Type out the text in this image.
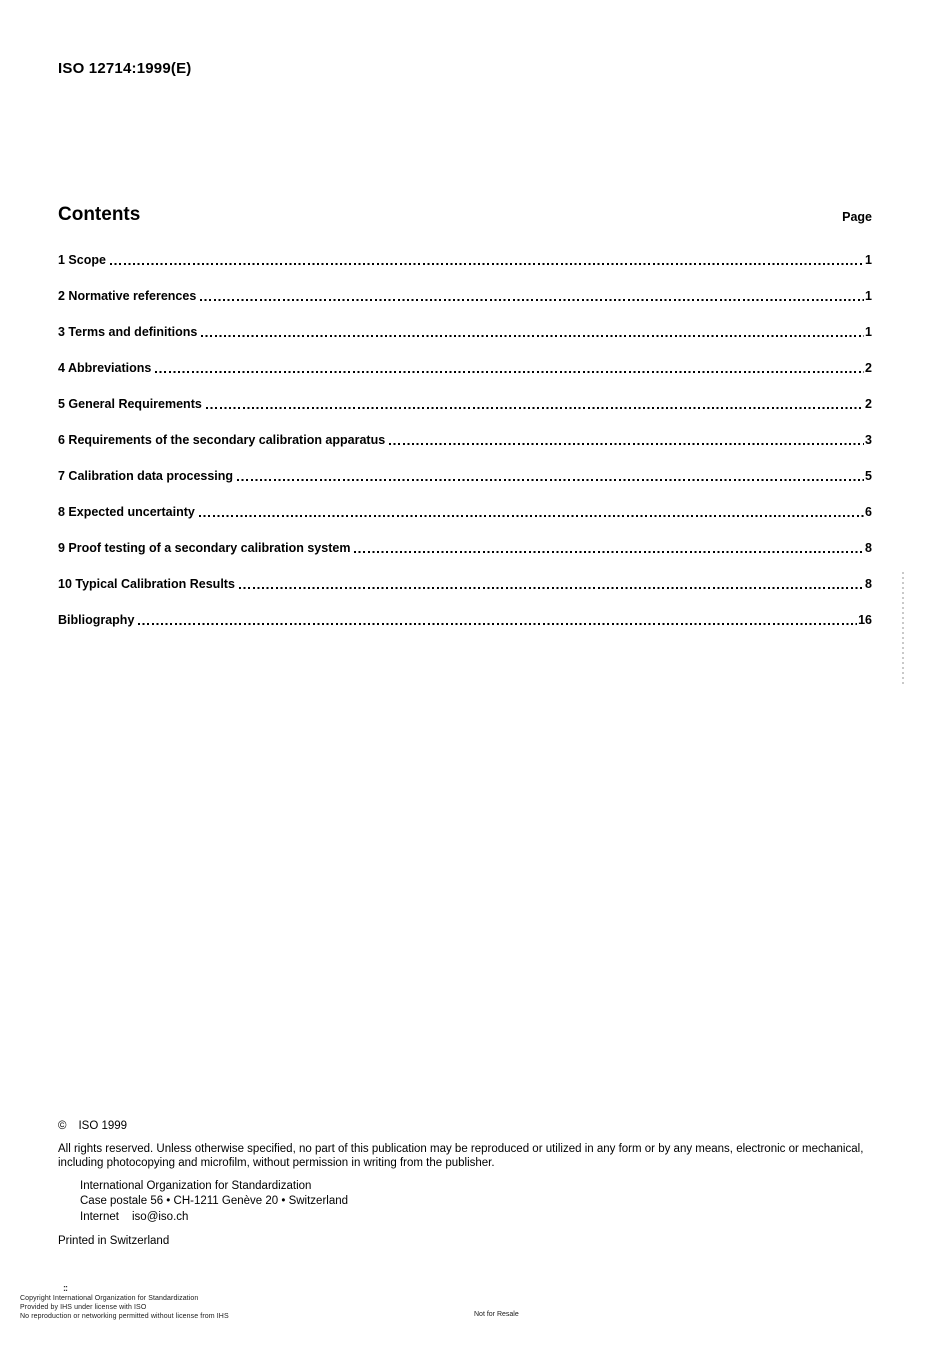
ISO 12714:1999(E)
Contents	Page
1 Scope	1
2 Normative references	1
3 Terms and definitions	1
4 Abbreviations	2
5 General Requirements	2
6 Requirements of the secondary calibration apparatus	3
7 Calibration data processing	5
8 Expected uncertainty	6
9 Proof testing of a secondary calibration system	8
10 Typical Calibration Results	8
Bibliography	16
© ISO 1999
All rights reserved. Unless otherwise specified, no part of this publication may be reproduced or utilized in any form or by any means, electronic or mechanical, including photocopying and microfilm, without permission in writing from the publisher.
International Organization for Standardization
Case postale 56 • CH-1211 Genève 20 • Switzerland
Internet iso@iso.ch
Printed in Switzerland
::
Copyright International Organization for Standardization
Provided by IHS under license with ISO
No reproduction or networking permitted without license from IHS	Not for Resale
